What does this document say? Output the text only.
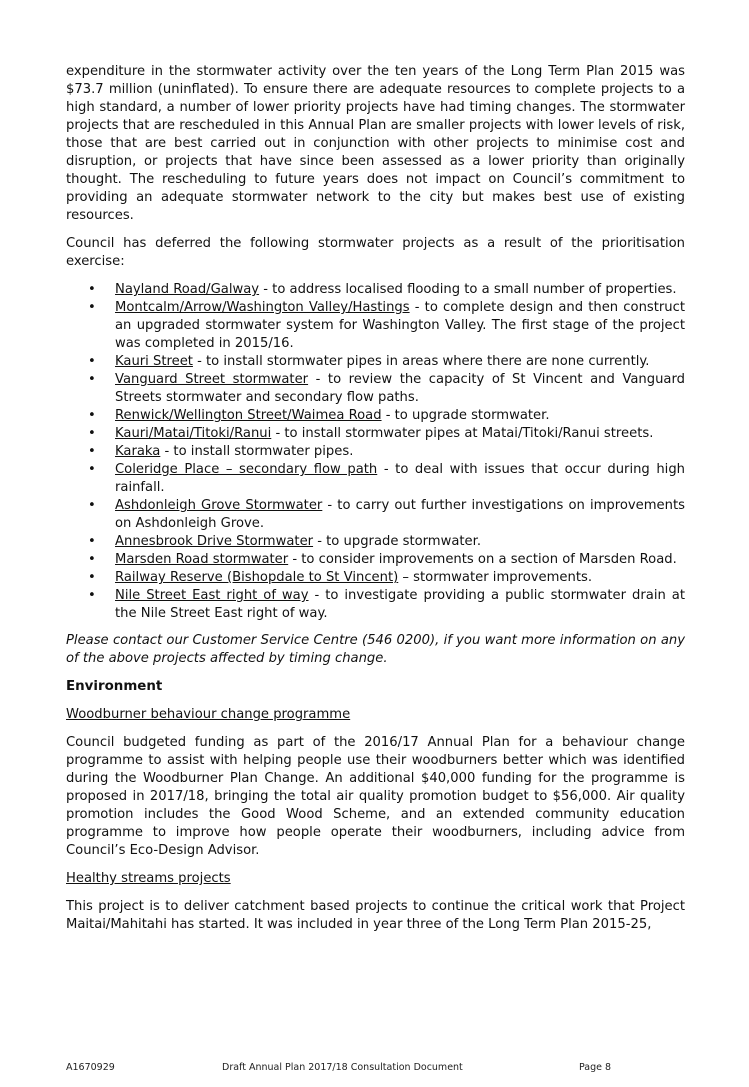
expenditure in the stormwater activity over the ten years of the Long Term Plan 2015 was $73.7 million (uninflated). To ensure there are adequate resources to complete projects to a high standard, a number of lower priority projects have had timing changes. The stormwater projects that are rescheduled in this Annual Plan are smaller projects with lower levels of risk, those that are best carried out in conjunction with other projects to minimise cost and disruption, or projects that have since been assessed as a lower priority than originally thought. The rescheduling to future years does not impact on Council’s commitment to providing an adequate stormwater network to the city but makes best use of existing resources.

Council has deferred the following stormwater projects as a result of the prioritisation exercise:

• Nayland Road/Galway - to address localised flooding to a small number of properties.
• Montcalm/Arrow/Washington Valley/Hastings - to complete design and then construct an upgraded stormwater system for Washington Valley. The first stage of the project was completed in 2015/16.
• Kauri Street - to install stormwater pipes in areas where there are none currently.
• Vanguard Street stormwater - to review the capacity of St Vincent and Vanguard Streets stormwater and secondary flow paths.
• Renwick/Wellington Street/Waimea Road - to upgrade stormwater.
• Kauri/Matai/Titoki/Ranui - to install stormwater pipes at Matai/Titoki/Ranui streets.
• Karaka - to install stormwater pipes.
• Coleridge Place – secondary flow path - to deal with issues that occur during high rainfall.
• Ashdonleigh Grove Stormwater - to carry out further investigations on improvements on Ashdonleigh Grove.
• Annesbrook Drive Stormwater - to upgrade stormwater.
• Marsden Road stormwater - to consider improvements on a section of Marsden Road.
• Railway Reserve (Bishopdale to St Vincent) – stormwater improvements.
• Nile Street East right of way - to investigate providing a public stormwater drain at the Nile Street East right of way.

Please contact our Customer Service Centre (546 0200), if you want more information on any of the above projects affected by timing change.

Environment
Woodburner behaviour change programme

Council budgeted funding as part of the 2016/17 Annual Plan for a behaviour change programme to assist with helping people use their woodburners better which was identified during the Woodburner Plan Change. An additional $40,000 funding for the programme is proposed in 2017/18, bringing the total air quality promotion budget to $56,000. Air quality promotion includes the Good Wood Scheme, and an extended community education programme to improve how people operate their woodburners, including advice from Council’s Eco-Design Advisor.

Healthy streams projects

This project is to deliver catchment based projects to continue the critical work that Project Maitai/Mahitahi has started. It was included in year three of the Long Term Plan 2015-25,

A1670929	Draft Annual Plan 2017/18 Consultation Document	Page 8
